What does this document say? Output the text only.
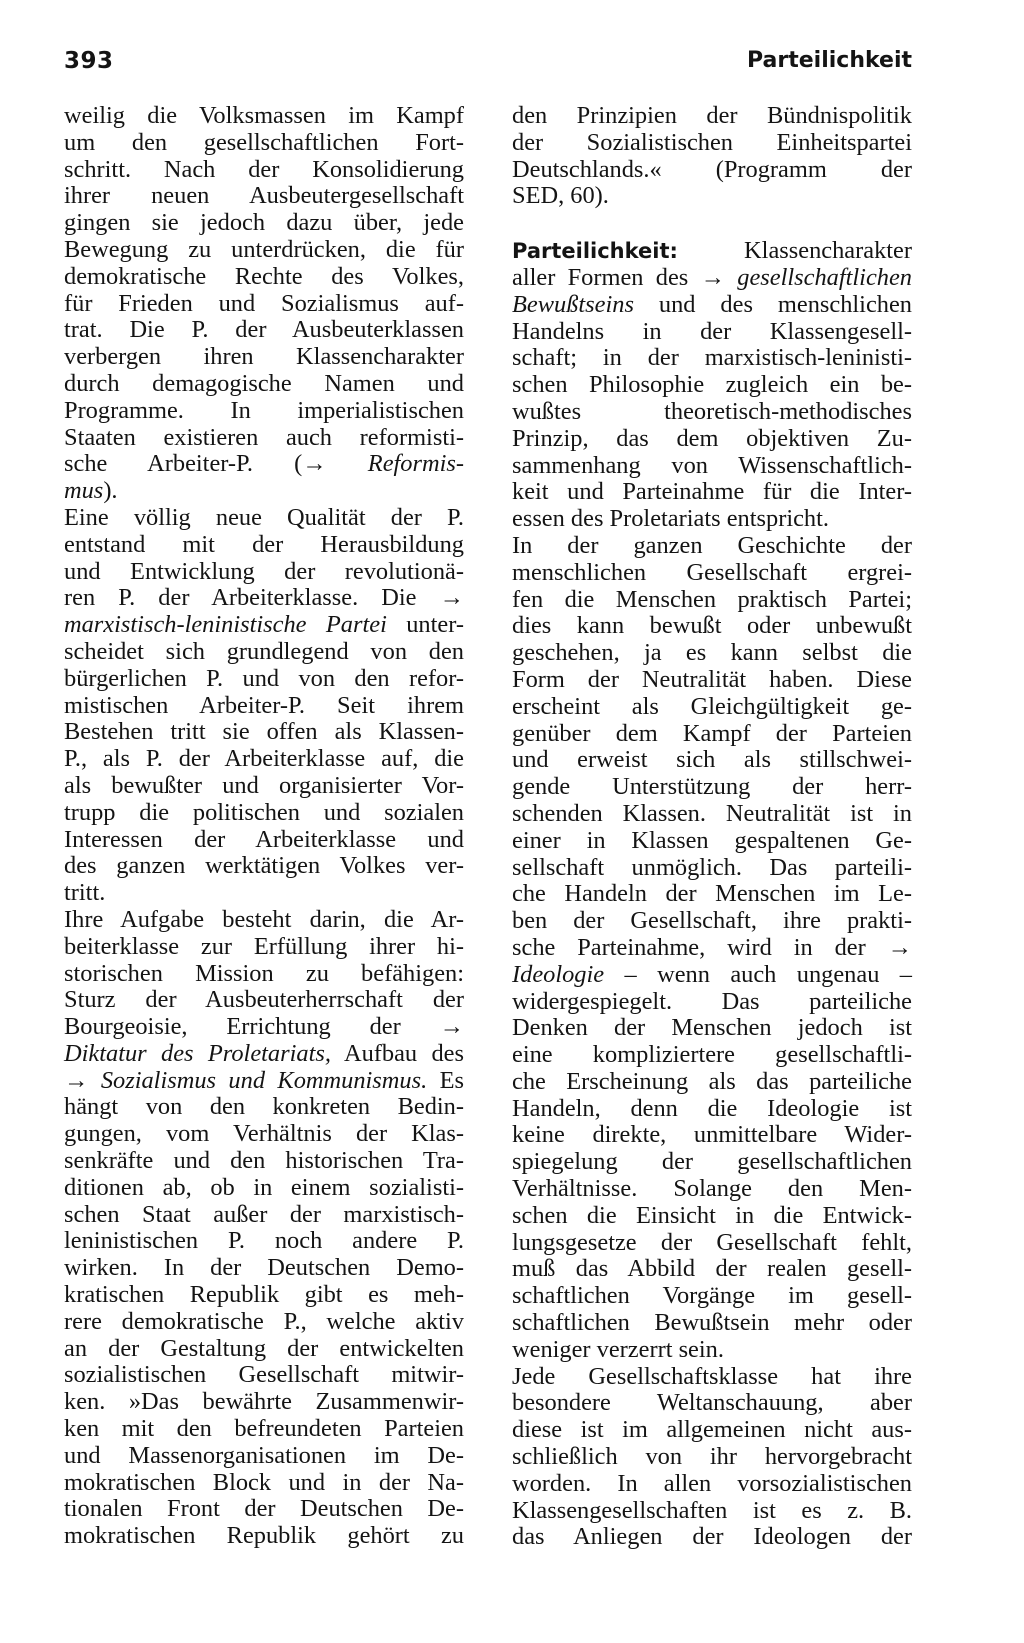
393	Parteilichkeit
weilig die Volksmassen im Kampf
um den gesellschaftlichen Fort-
schritt. Nach der Konsolidierung
ihrer neuen Ausbeutergesellschaft
gingen sie jedoch dazu über, jede
Bewegung zu unterdrücken, die für
demokratische Rechte des Volkes,
für Frieden und Sozialismus auf-
trat. Die P. der Ausbeuterklassen
verbergen ihren Klassencharakter
durch demagogische Namen und
Programme. In imperialistischen
Staaten existieren auch reformisti-
sche Arbeiter-P. (→ Reformis-
mus).
Eine völlig neue Qualität der P.
entstand mit der Herausbildung
und Entwicklung der revolutionä-
ren P. der Arbeiterklasse. Die →
marxistisch-leninistische Partei unter-
scheidet sich grundlegend von den
bürgerlichen P. und von den refor-
mistischen Arbeiter-P. Seit ihrem
Bestehen tritt sie offen als Klassen-
P., als P. der Arbeiterklasse auf, die
als bewußter und organisierter Vor-
trupp die politischen und sozialen
Interessen der Arbeiterklasse und
des ganzen werktätigen Volkes ver-
tritt.
Ihre Aufgabe besteht darin, die Ar-
beiterklasse zur Erfüllung ihrer hi-
storischen Mission zu befähigen:
Sturz der Ausbeuterherrschaft der
Bourgeoisie, Errichtung der →
Diktatur des Proletariats, Aufbau des
→ Sozialismus und Kommunismus. Es
hängt von den konkreten Bedin-
gungen, vom Verhältnis der Klas-
senkräfte und den historischen Tra-
ditionen ab, ob in einem sozialisti-
schen Staat außer der marxistisch-
leninistischen P. noch andere P.
wirken. In der Deutschen Demo-
kratischen Republik gibt es meh-
rere demokratische P., welche aktiv
an der Gestaltung der entwickelten
sozialistischen Gesellschaft mitwir-
ken. »Das bewährte Zusammenwir-
ken mit den befreundeten Parteien
und Massenorganisationen im De-
mokratischen Block und in der Na-
tionalen Front der Deutschen De-
mokratischen Republik gehört zu
den Prinzipien der Bündnispolitik
der Sozialistischen Einheitspartei
Deutschlands.« (Programm der
SED, 60).
Parteilichkeit: Klassencharakter
aller Formen des → gesellschaftlichen
Bewußtseins und des menschlichen
Handelns in der Klassengesell-
schaft; in der marxistisch-leninisti-
schen Philosophie zugleich ein be-
wußtes theoretisch-methodisches
Prinzip, das dem objektiven Zu-
sammenhang von Wissenschaftlich-
keit und Parteinahme für die Inter-
essen des Proletariats entspricht.
In der ganzen Geschichte der
menschlichen Gesellschaft ergrei-
fen die Menschen praktisch Partei;
dies kann bewußt oder unbewußt
geschehen, ja es kann selbst die
Form der Neutralität haben. Diese
erscheint als Gleichgültigkeit ge-
genüber dem Kampf der Parteien
und erweist sich als stillschwei-
gende Unterstützung der herr-
schenden Klassen. Neutralität ist in
einer in Klassen gespaltenen Ge-
sellschaft unmöglich. Das parteili-
che Handeln der Menschen im Le-
ben der Gesellschaft, ihre prakti-
sche Parteinahme, wird in der →
Ideologie – wenn auch ungenau –
widergespiegelt. Das parteiliche
Denken der Menschen jedoch ist
eine kompliziertere gesellschaftli-
che Erscheinung als das parteiliche
Handeln, denn die Ideologie ist
keine direkte, unmittelbare Wider-
spiegelung der gesellschaftlichen
Verhältnisse. Solange den Men-
schen die Einsicht in die Entwick-
lungsgesetze der Gesellschaft fehlt,
muß das Abbild der realen gesell-
schaftlichen Vorgänge im gesell-
schaftlichen Bewußtsein mehr oder
weniger verzerrt sein.
Jede Gesellschaftsklasse hat ihre
besondere Weltanschauung, aber
diese ist im allgemeinen nicht aus-
schließlich von ihr hervorgebracht
worden. In allen vorsozialistischen
Klassengesellschaften ist es z. B.
das Anliegen der Ideologen der
